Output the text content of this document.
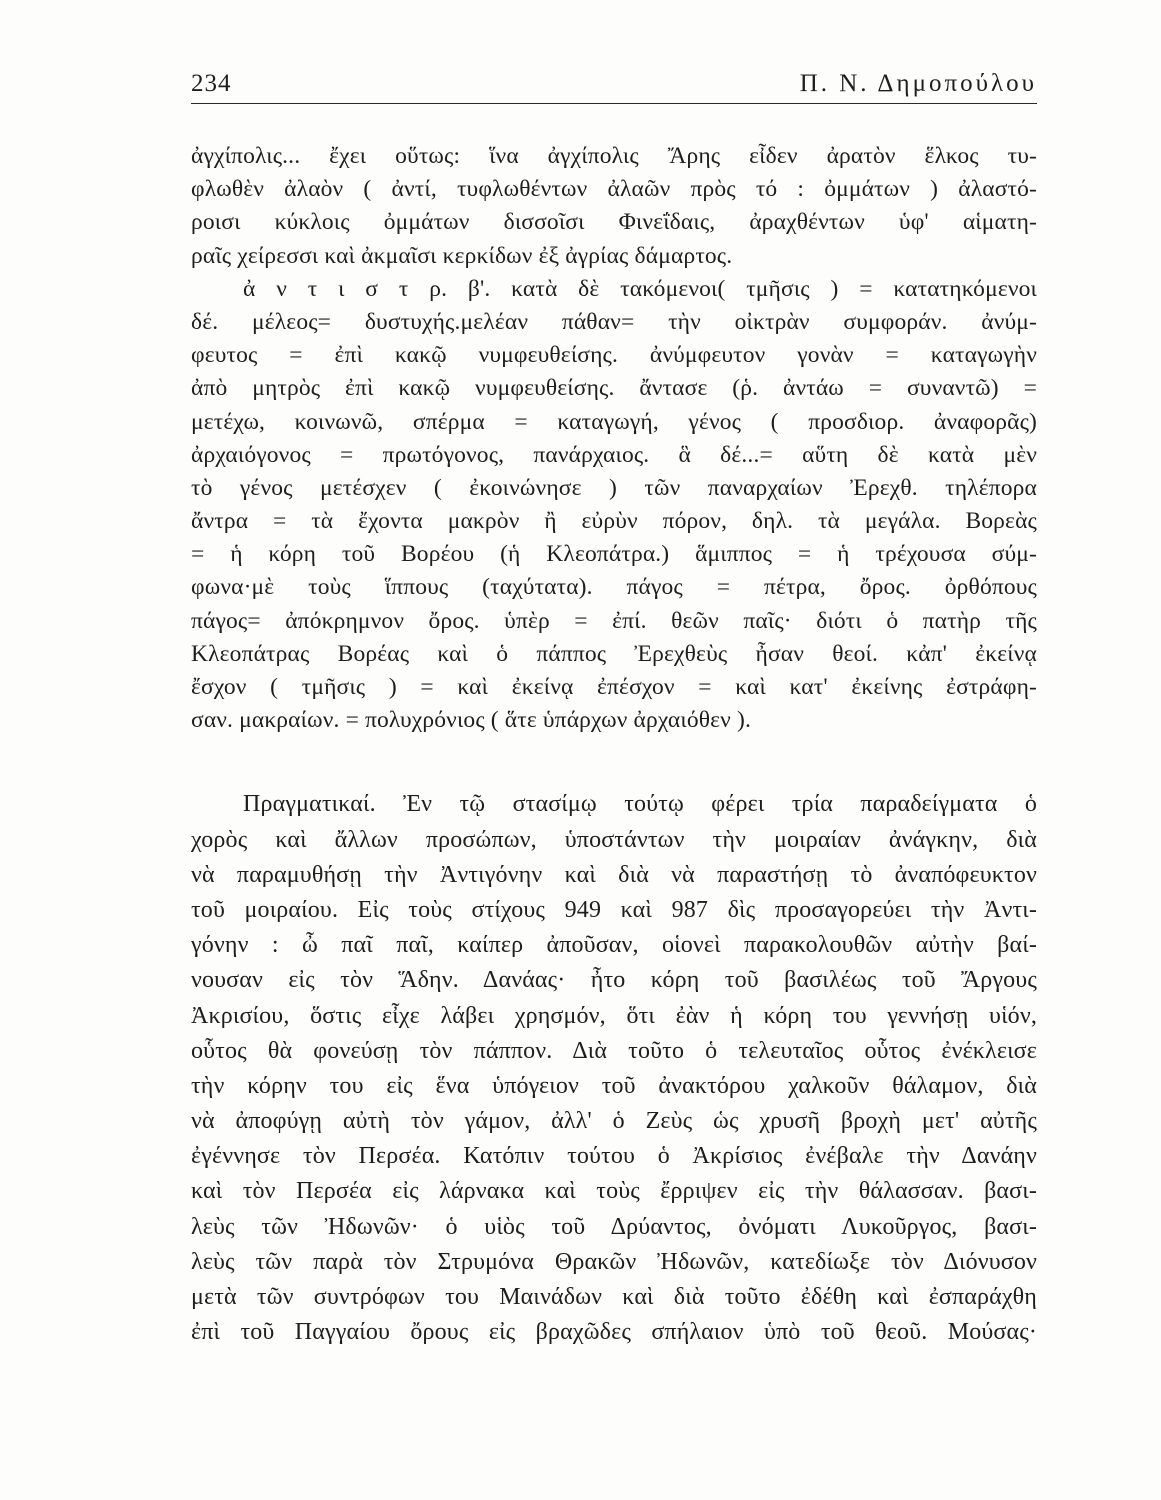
234	Π. Ν. Δημοπούλου
ἀγχίπολις... ἔχει οὕτως: ἵνα ἀγχίπολις Ἄρης εἶδεν ἀρατὸν ἕλκος τυ-
φλωθὲν ἀλαὸν ( ἀντί, τυφλωθέντων ἀλαῶν πρὸς τό : ὀμμάτων ) ἀλαστό-
ροισι κύκλοις ὀμμάτων δισσοῖσι Φινεΐδαις, ἀραχθέντων ὑφ' αἱματη-
ραῖς χείρεσσι καὶ ἀκμαῖσι κερκίδων ἐξ ἀγρίας δάμαρτος.
ἀ ν τ ι σ τ ρ. β'. κατὰ δὲ τακόμενοι( τμῆσις ) = κατατηκόμενοι
δέ. μέλεος= δυστυχής.μελέαν πάθαν= τὴν οἰκτρὰν συμφοράν. ἀνύμ-
φευτος = ἐπὶ κακῷ νυμφευθείσης. ἀνύμφευτον γονὰν = καταγωγὴν
ἀπὸ μητρὸς ἐπὶ κακῷ νυμφευθείσης. ἄντασε (ῥ. ἀντάω = συναντῶ) =
μετέχω, κοινωνῶ, σπέρμα = καταγωγή, γένος ( προσδιορ. ἀναφορᾶς)
ἀρχαιόγονος = πρωτόγονος, πανάρχαιος. ἃ δέ...= αὕτη δὲ κατὰ μὲν
τὸ γένος μετέσχεν ( ἐκοινώνησε ) τῶν παναρχαίων Ἐρεχθ. τηλέπορα
ἄντρα = τὰ ἔχοντα μακρὸν ἢ εὐρὺν πόρον, δηλ. τὰ μεγάλα. Βορεὰς
= ἡ κόρη τοῦ Βορέου (ἡ Κλεοπάτρα.) ἅμιππος = ἡ τρέχουσα σύμ-
φωνα·μὲ τοὺς ἵππους (ταχύτατα). πάγος = πέτρα, ὄρος. ὀρθόπους
πάγος= ἀπόκρημνον ὄρος. ὑπὲρ = ἐπί. θεῶν παῖς· διότι ὁ πατὴρ τῆς
Κλεοπάτρας Βορέας καὶ ὁ πάππος Ἐρεχθεὺς ἦσαν θεοί. κἀπ' ἐκείνᾳ
ἔσχον ( τμῆσις ) = καὶ ἐκείνᾳ ἐπέσχον = καὶ κατ' ἐκείνης ἐστράφη-
σαν. μακραίων. = πολυχρόνιος ( ἅτε ὑπάρχων ἀρχαιόθεν ).
Πραγματικαί. Ἐν τῷ στασίμῳ τούτῳ φέρει τρία παραδείγματα ὁ
χορὸς καὶ ἄλλων προσώπων, ὑποστάντων τὴν μοιραίαν ἀνάγκην, διὰ
νὰ παραμυθήσῃ τὴν Ἀντιγόνην καὶ διὰ νὰ παραστήσῃ τὸ ἀναπόφευκτον
τοῦ μοιραίου. Εἰς τοὺς στίχους 949 καὶ 987 δὶς προσαγορεύει τὴν Ἀντι-
γόνην : ὦ παῖ παῖ, καίπερ ἀποῦσαν, οἱονεὶ παρακολουθῶν αὐτὴν βαί-
νουσαν εἰς τὸν Ἅδην. Δανάας· ἦτο κόρη τοῦ βασιλέως τοῦ Ἄργους
Ἀκρισίου, ὅστις εἶχε λάβει χρησμόν, ὅτι ἐὰν ἡ κόρη του γεννήσῃ υἱόν,
οὗτος θὰ φονεύσῃ τὸν πάππον. Διὰ τοῦτο ὁ τελευταῖος οὗτος ἐνέκλεισε
τὴν κόρην του εἰς ἕνα ὑπόγειον τοῦ ἀνακτόρου χαλκοῦν θάλαμον, διὰ
νὰ ἀποφύγῃ αὐτὴ τὸν γάμον, ἀλλ' ὁ Ζεὺς ὡς χρυσῆ βροχὴ μετ' αὐτῆς
ἐγέννησε τὸν Περσέα. Κατόπιν τούτου ὁ Ἀκρίσιος ἐνέβαλε τὴν Δανάην
καὶ τὸν Περσέα εἰς λάρνακα καὶ τοὺς ἔρριψεν εἰς τὴν θάλασσαν. βασι-
λεὺς τῶν Ἠδωνῶν· ὁ υἱὸς τοῦ Δρύαντος, ὀνόματι Λυκοῦργος, βασι-
λεὺς τῶν παρὰ τὸν Στρυμόνα Θρακῶν Ἠδωνῶν, κατεδίωξε τὸν Διόνυσον
μετὰ τῶν συντρόφων του Μαινάδων καὶ διὰ τοῦτο ἐδέθη καὶ ἐσπαράχθη
ἐπὶ τοῦ Παγγαίου ὄρους εἰς βραχῶδες σπήλαιον ὑπὸ τοῦ θεοῦ. Μούσας·
